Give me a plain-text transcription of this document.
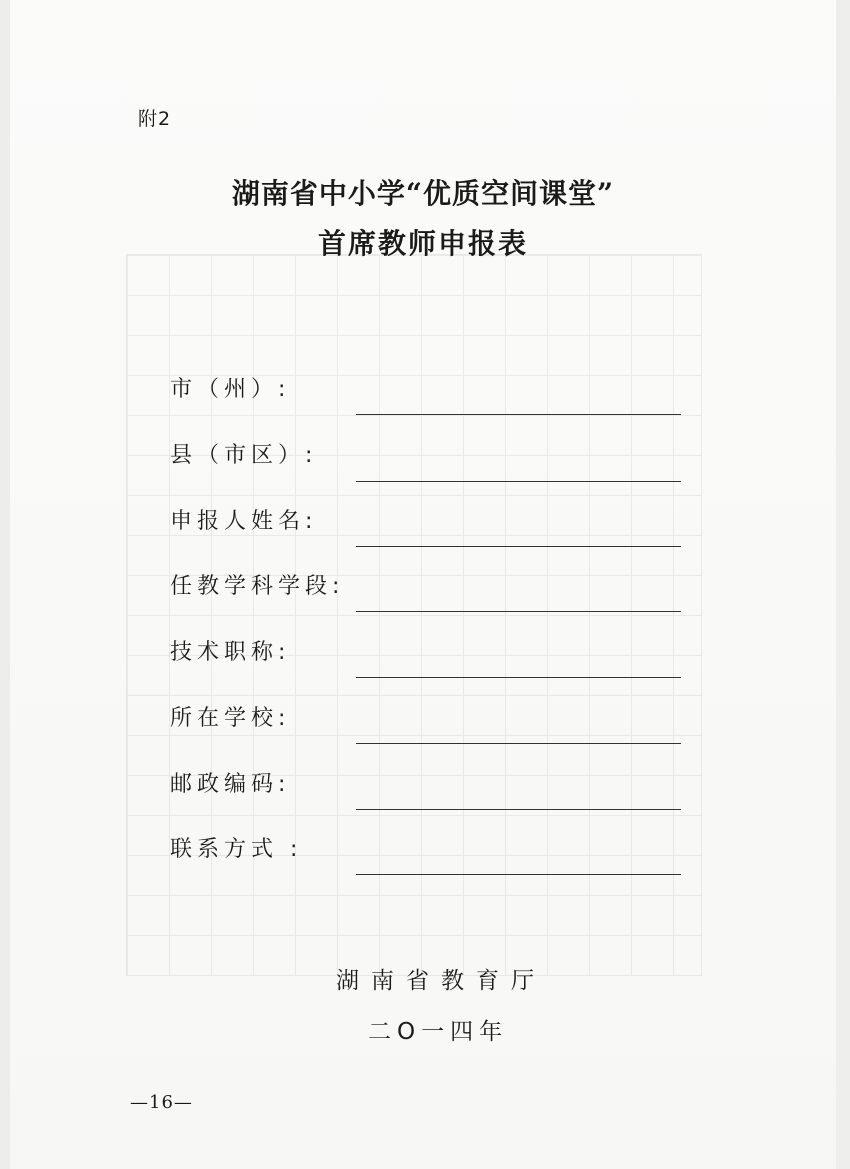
附2
湖南省中小学“优质空间课堂”
首席教师申报表
市（州）:
县（市区）:
申报人姓名:
任教学科学段:
技术职称:
所在学校:
邮政编码:
联系方式 :
湖南省教育厅
二O一四年
—16—
